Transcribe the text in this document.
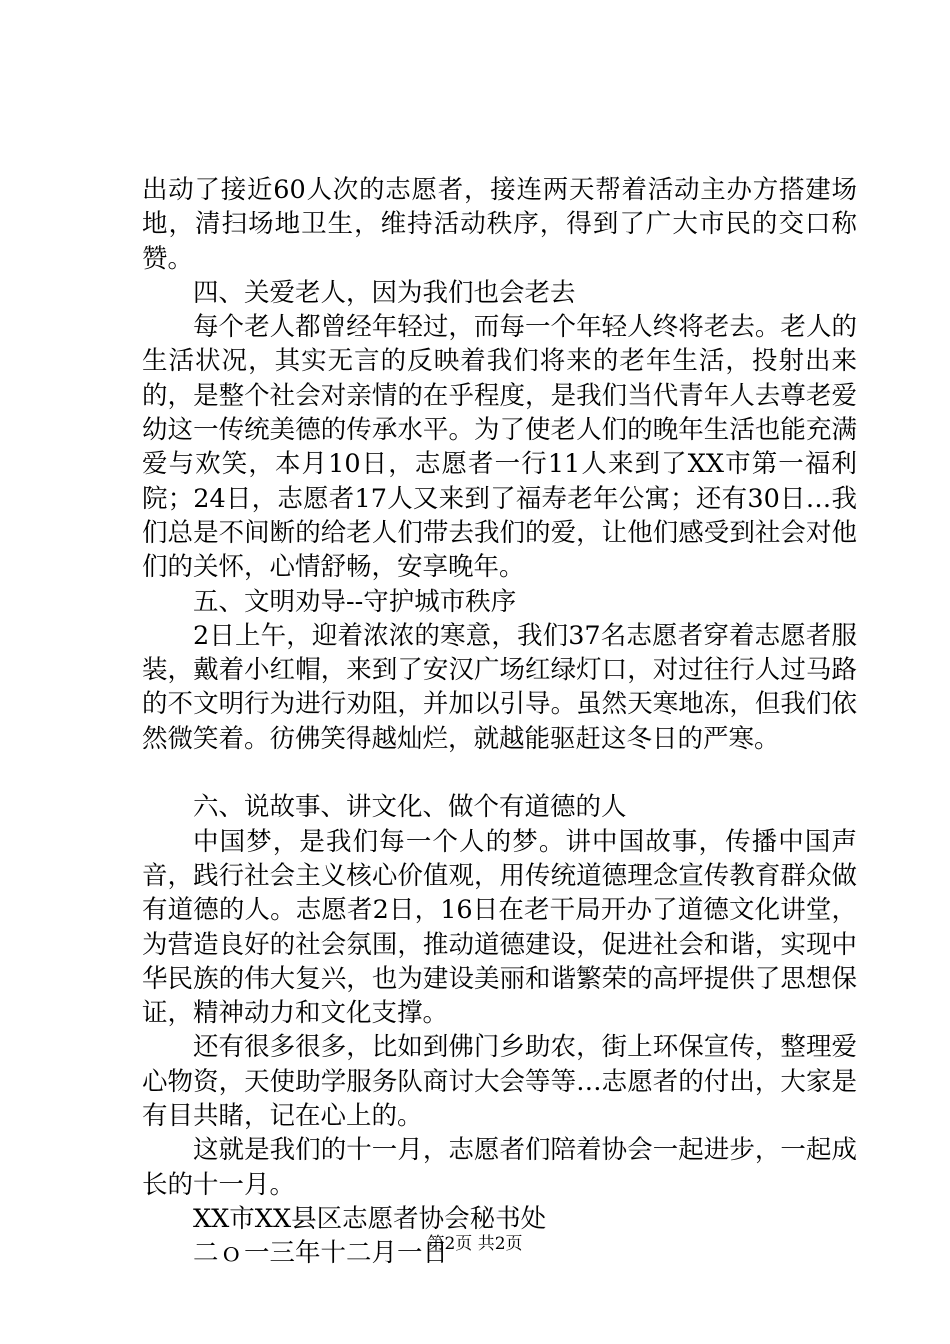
出动了接近60人次的志愿者，接连两天帮着活动主办方搭建场地，清扫场地卫生，维持活动秩序，得到了广大市民的交口称赞。

四、关爱老人，因为我们也会老去

每个老人都曾经年轻过，而每一个年轻人终将老去。老人的生活状况，其实无言的反映着我们将来的老年生活，投射出来的，是整个社会对亲情的在乎程度，是我们当代青年人去尊老爱幼这一传统美德的传承水平。为了使老人们的晚年生活也能充满爱与欢笑，本月10日，志愿者一行11人来到了XX市第一福利院；24日，志愿者17人又来到了福寿老年公寓；还有30日…我们总是不间断的给老人们带去我们的爱，让他们感受到社会对他们的关怀，心情舒畅，安享晚年。

五、文明劝导--守护城市秩序

2日上午，迎着浓浓的寒意，我们37名志愿者穿着志愿者服装，戴着小红帽，来到了安汉广场红绿灯口，对过往行人过马路的不文明行为进行劝阻，并加以引导。虽然天寒地冻，但我们依然微笑着。彷佛笑得越灿烂，就越能驱赶这冬日的严寒。

六、说故事、讲文化、做个有道德的人

中国梦，是我们每一个人的梦。讲中国故事，传播中国声音，践行社会主义核心价值观，用传统道德理念宣传教育群众做有道德的人。志愿者2日，16日在老干局开办了道德文化讲堂，为营造良好的社会氛围，推动道德建设，促进社会和谐，实现中华民族的伟大复兴，也为建设美丽和谐繁荣的高坪提供了思想保证，精神动力和文化支撑。

还有很多很多，比如到佛门乡助农，街上环保宣传，整理爱心物资，天使助学服务队商讨大会等等…志愿者的付出，大家是有目共睹，记在心上的。

这就是我们的十一月，志愿者们陪着协会一起进步，一起成长的十一月。

XX市XX县区志愿者协会秘书处

二ｏ一三年十二月一日

第2页 共2页
